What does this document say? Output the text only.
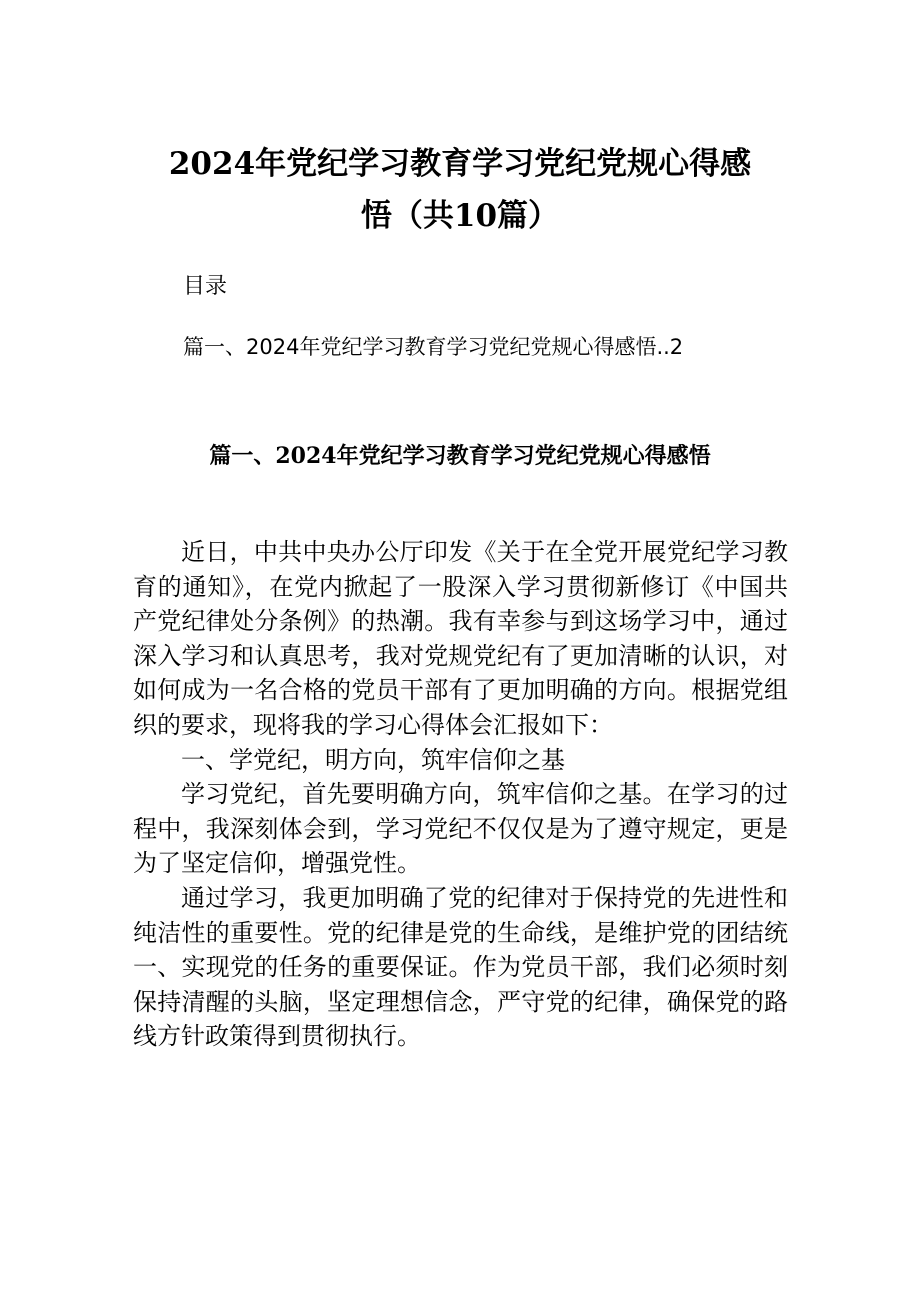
2024年党纪学习教育学习党纪党规心得感
悟（共10篇）
目录
篇一、2024年党纪学习教育学习党纪党规心得感悟..2
篇一、2024年党纪学习教育学习党纪党规心得感悟

近日，中共中央办公厅印发《关于在全党开展党纪学习教育的通知》，在党内掀起了一股深入学习贯彻新修订《中国共产党纪律处分条例》的热潮。我有幸参与到这场学习中，通过深入学习和认真思考，我对党规党纪有了更加清晰的认识，对如何成为一名合格的党员干部有了更加明确的方向。根据党组织的要求，现将我的学习心得体会汇报如下：

一、学党纪，明方向，筑牢信仰之基

学习党纪，首先要明确方向，筑牢信仰之基。在学习的过程中，我深刻体会到，学习党纪不仅仅是为了遵守规定，更是为了坚定信仰，增强党性。

通过学习，我更加明确了党的纪律对于保持党的先进性和纯洁性的重要性。党的纪律是党的生命线，是维护党的团结统一、实现党的任务的重要保证。作为党员干部，我们必须时刻保持清醒的头脑，坚定理想信念，严守党的纪律，确保党的路线方针政策得到贯彻执行。
